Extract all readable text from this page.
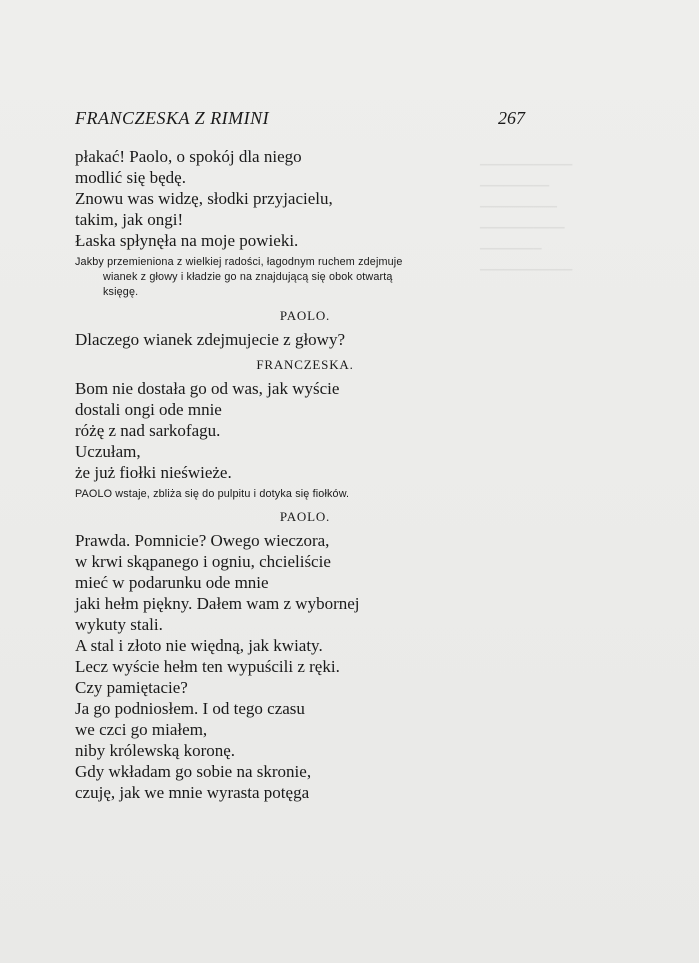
▁▁▁▁▁▁▁▁▁▁▁▁
▁▁▁▁▁▁▁▁▁
▁▁▁▁▁▁▁▁▁▁
▁▁▁▁▁▁▁▁▁▁▁
▁▁▁▁▁▁▁▁
▁▁▁▁▁▁▁▁▁▁▁▁
FRANCZESKA Z RIMINI	267

płakać! Paolo, o spokój dla niego

modlić się będę.

Znowu was widzę, słodki przyjacielu,

takim, jak ongi!

Łaska spłynęła na moje powieki.

Jakby przemieniona z wielkiej radości, łagodnym ruchem zdejmuje
wianek z głowy i kładzie go na znajdującą się obok otwartą
księgę.
PAOLO.

Dlaczego wianek zdejmujecie z głowy?

FRANCZESKA.

Bom nie dostała go od was, jak wyście

dostali ongi ode mnie

różę z nad sarkofagu.

Uczułam,

że już fiołki nieświeże.

PAOLO wstaje, zbliża się do pulpitu i dotyka się fiołków.
PAOLO.

Prawda. Pomnicie? Owego wieczora,

w krwi skąpanego i ogniu, chcieliście

mieć w podarunku ode mnie

jaki hełm piękny. Dałem wam z wybornej

wykuty stali.

A stal i złoto nie więdną, jak kwiaty.

Lecz wyście hełm ten wypuścili z ręki.

Czy pamiętacie?

Ja go podniosłem. I od tego czasu

we czci go miałem,

niby królewską koronę.

Gdy wkładam go sobie na skronie,

czuję, jak we mnie wyrasta potęga
